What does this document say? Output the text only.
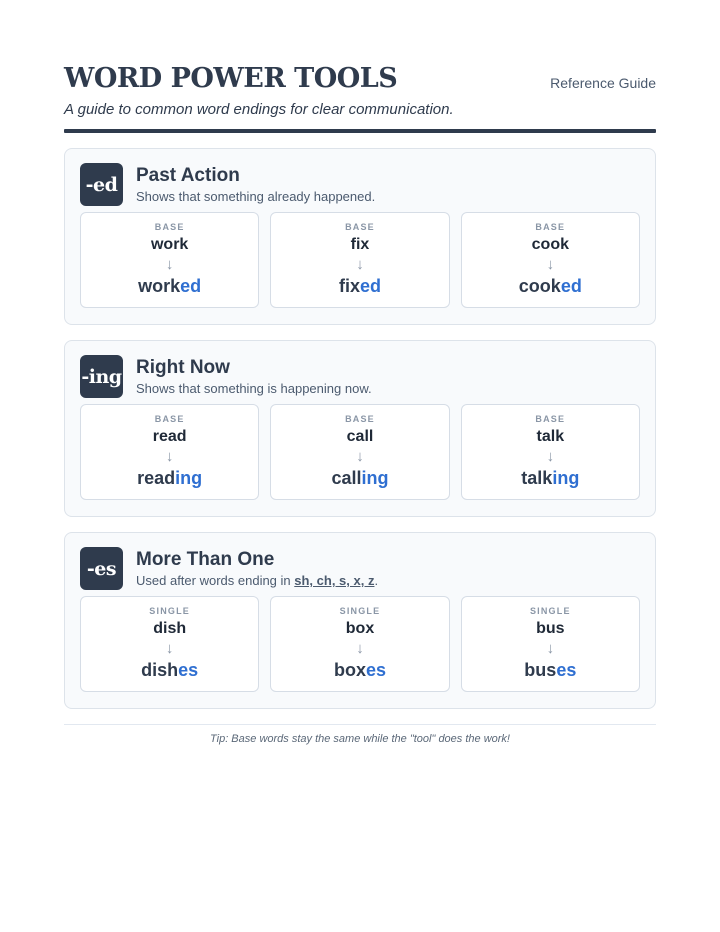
WORD POWER TOOLS	Reference Guide
A guide to common word endings for clear communication.
-ed Past Action
Shows that something already happened.
BASE
work
↓
worked
BASE
fix
↓
fixed
BASE
cook
↓
cooked
-ing Right Now
Shows that something is happening now.
BASE
read
↓
reading
BASE
call
↓
calling
BASE
talk
↓
talking
-es	More Than One
Used after words ending in sh, ch, s, x, z.
SINGLE
dish
↓
dishes
SINGLE
box
↓
boxes
SINGLE
bus
↓
buses
Tip: Base words stay the same while the "tool" does the work!
